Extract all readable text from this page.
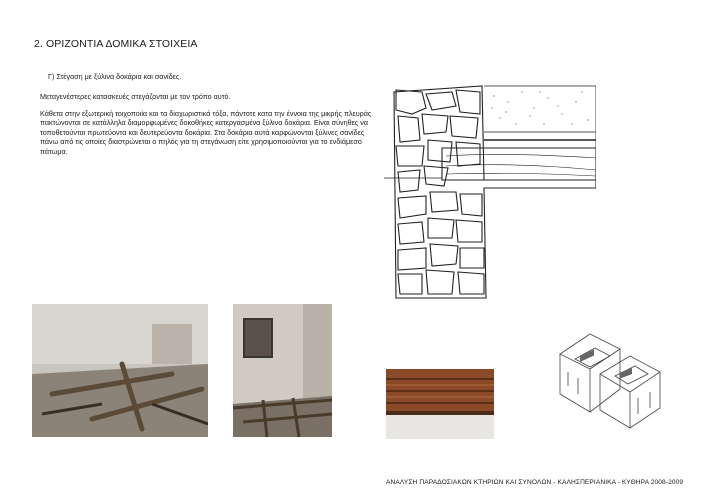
2. ΟΡΙΖΟΝΤΙΑ ΔΟΜΙΚΑ ΣΤΟΙΧΕΙΑ
Γ) Στέγαση με ξύλινα δοκάρια και σανίδες.

Μεταγενέστερες κατασκευές στεγάζονται με τον τρόπο αυτό.

Κάθετα στην εξωτερική τοιχοποιία και τα διαχωριστικά τόξα, πάντοτε κατα την έννοια της μικρής πλευράς πακτώνονται σε κατάλληλα διαμορφωμένες δοκοθήκες κατεργασμένα ξύλινα δοκάρια. Είναι σύνηθες να τοποθετούνται πρωτεύοντα και δευτερεύοντα δοκάρια. Στα δοκάρια αυτά καρφώνονται ξύλινες σανίδες πάνω από τις οποίες διαστρώνεται ο πηλός για τη στεγάνωση είτε χρησιμοποιούνται για το ενδιάμεσο πάτωμα.

ΑΝΑΛΥΣΗ ΠΑΡΑΔΟΣΙΑΚΩΝ ΚΤΗΡΙΩΝ ΚΑΙ ΣΥΝΟΛΩΝ - ΚΑΛΗΣΠΕΡΙΑΝΙΚΑ - ΚΥΘΗΡΑ 2008-2009
